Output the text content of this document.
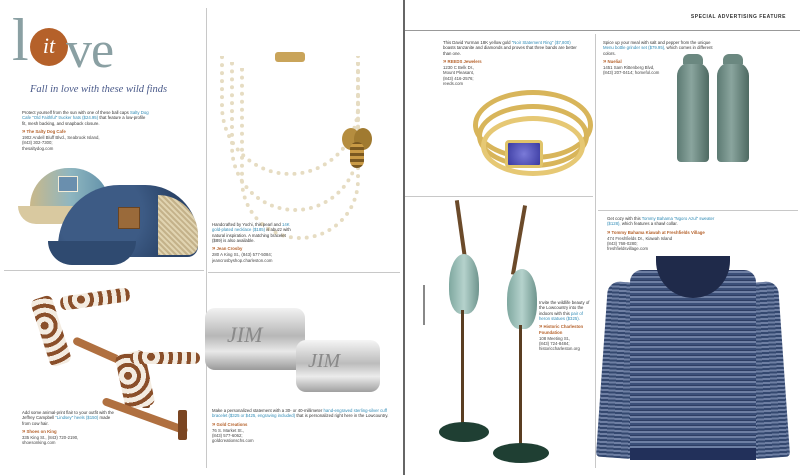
l it ve
Fall in love with these wild finds
Protect yourself from the sun with one of these ball caps Salty Dog Cafe "Old Faithful" trucker hats ($24.95) that feature a low-profile fit, mesh backing, and snapback closure.
» The Salty Dog Cafe
1902 Andell Bluff Blvd., Seabrook Island,
(843) 302-7300;
thesaltydog.com
Handcrafted by Yochi, this pearl and 14K gold-plated necklace ($185) is abuzz with natural inspiration. A matching bracelet ($89) is also available.
» Jean Crosby
280 A King St., (843) 577-5084;
jeancrosbyshop.charleston.com
Add some animal-print flair to your outfit with the Jeffrey Campbell "Lindsey" heels ($150) made from cow hair.
» Shoes on King
335 King St., (843) 720-2190,
shoesonking.com
JIM
JIM
Make a personalized statement with a 30- or 40-millimeter hand-engraved sterling-silver cuff bracelet ($325 or $425, engraving included) that is personalized right here in the Lowcountry.
» Gold Creations
76 S. Market St.,
(843) 577-6062;
goldcreationschs.com
SPECIAL ADVERTISING FEATURE
This David Yurman 18K yellow gold "Noir Statement Ring" ($7,800) boasts tanzanite and diamonds and proves that three bands are better than one.
» REEDS Jewelers
1230 C Belk Dr.,
Mount Pleasant,
(843) 416-2576;
reeds.com
Spice up your meal with salt and pepper from the unique Menu bottle grinder set ($79.95), which comes in different colors.
» Nuelial
1451 Sam Rittenberg Blvd,
(843) 207-0414; homefol.com
Invite the wildlife beauty of the Lowcountry into the indoors with this pair of heron statues ($325).
» Historic Charleston Foundation
108 Meeting St.,
(843) 724-8484;
historiccharleston.org
Get cozy with this Tommy Bahama "Ngoro Azul" sweater ($128), which features a shawl collar.
» Tommy Bahama Kiawah at Freshfields Village
474 Freshfields Dr., Kiawah Island
(843) 768-0280;
freshfieldsvillage.com
